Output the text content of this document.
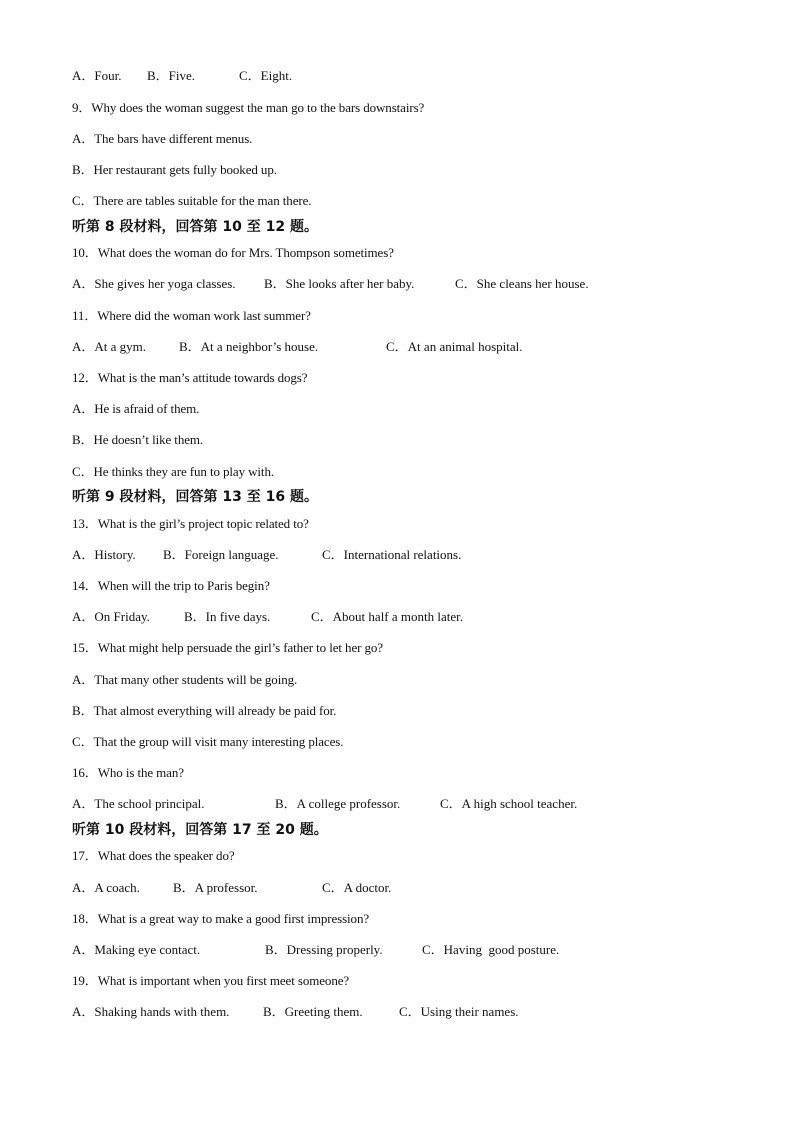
A．Four. B．Five.	C．Eight.
9．Why does the woman suggest the man go to the bars downstairs?
A．The bars have different menus.
B．Her restaurant gets fully booked up.
C．There are tables suitable for the man there.
听第 8 段材料，回答第 10 至 12 题。
10．What does the woman do for Mrs. Thompson sometimes?
A．She gives her yoga classes. B．She looks after her baby.	C．She cleans her house.
11．Where did the woman work last summer?
A．At a gym.	B．At a neighbor’s house.	C．At an animal hospital.
12．What is the man’s attitude towards dogs?
A．He is afraid of them.
B．He doesn’t like them.
C．He thinks they are fun to play with.
听第 9 段材料，回答第 13 至 16 题。
13．What is the girl’s project topic related to?
A．History. B．Foreign language.	C．International relations.
14．When will the trip to Paris begin?
A．On Friday.	B．In five days.	C．About half a month later.
15．What might help persuade the girl’s father to let her go?
A．That many other students will be going.
B．That almost everything will already be paid for.
C．That the group will visit many interesting places.
16．Who is the man?
A．The school principal.	B．A college professor.	C．A high school teacher.
听第 10 段材料，回答第 17 至 20 题。
17．What does the speaker do?
A．A coach.	B．A professor.	C．A doctor.
18．What is a great way to make a good first impression?
A．Making eye contact.	B．Dressing properly.	C．Having  good posture.
19．What is important when you first meet someone?
A．Shaking hands with them.	B．Greeting them.	C．Using their names.
